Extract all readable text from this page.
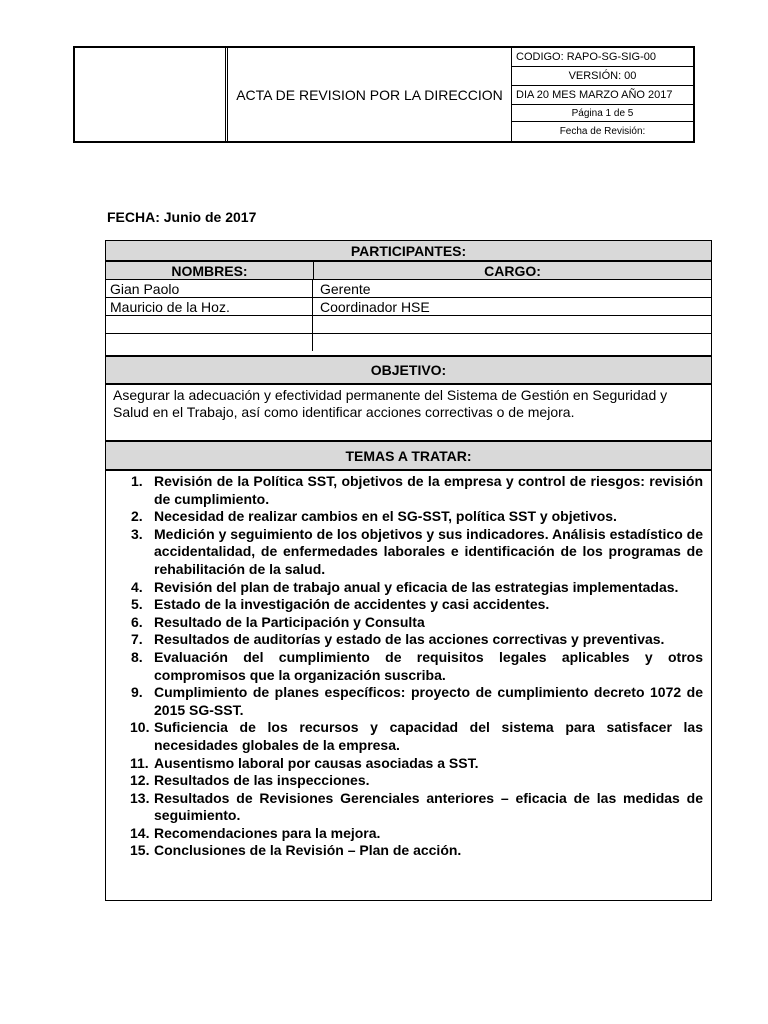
ACTA DE REVISION POR LA DIRECCION
CODIGO: RAPO-SG-SIG-00
VERSIÓN: 00
DIA 20 MES MARZO AÑO 2017
Página 1 de 5
Fecha de Revisión:
FECHA: Junio de 2017
PARTICIPANTES:
NOMBRES:	CARGO:
Gian Paolo	Gerente
Mauricio de la Hoz.	Coordinador HSE
OBJETIVO:
Asegurar la adecuación y efectividad permanente del Sistema de Gestión en Seguridad y Salud en el Trabajo, así como identificar acciones correctivas o de mejora.
TEMAS A TRATAR:
1. Revisión de la Política SST, objetivos de la empresa y control de riesgos: revisión de cumplimiento.
2. Necesidad de realizar cambios en el SG-SST, política SST y objetivos.
3. Medición y seguimiento de los objetivos y sus indicadores. Análisis estadístico de accidentalidad, de enfermedades laborales e identificación de los programas de rehabilitación de la salud.
4. Revisión del plan de trabajo anual y eficacia de las estrategias implementadas.
5. Estado de la investigación de accidentes y casi accidentes.
6. Resultado de la Participación y Consulta
7. Resultados de auditorías y estado de las acciones correctivas y preventivas.
8. Evaluación del cumplimiento de requisitos legales aplicables y otros compromisos que la organización suscriba.
9. Cumplimiento de planes específicos: proyecto de cumplimiento decreto 1072 de 2015 SG-SST.
10. Suficiencia de los recursos y capacidad del sistema para satisfacer las necesidades globales de la empresa.
11. Ausentismo laboral por causas asociadas a SST.
12. Resultados de las inspecciones.
13. Resultados de Revisiones Gerenciales anteriores – eficacia de las medidas de seguimiento.
14. Recomendaciones para la mejora.
15. Conclusiones de la Revisión – Plan de acción.
